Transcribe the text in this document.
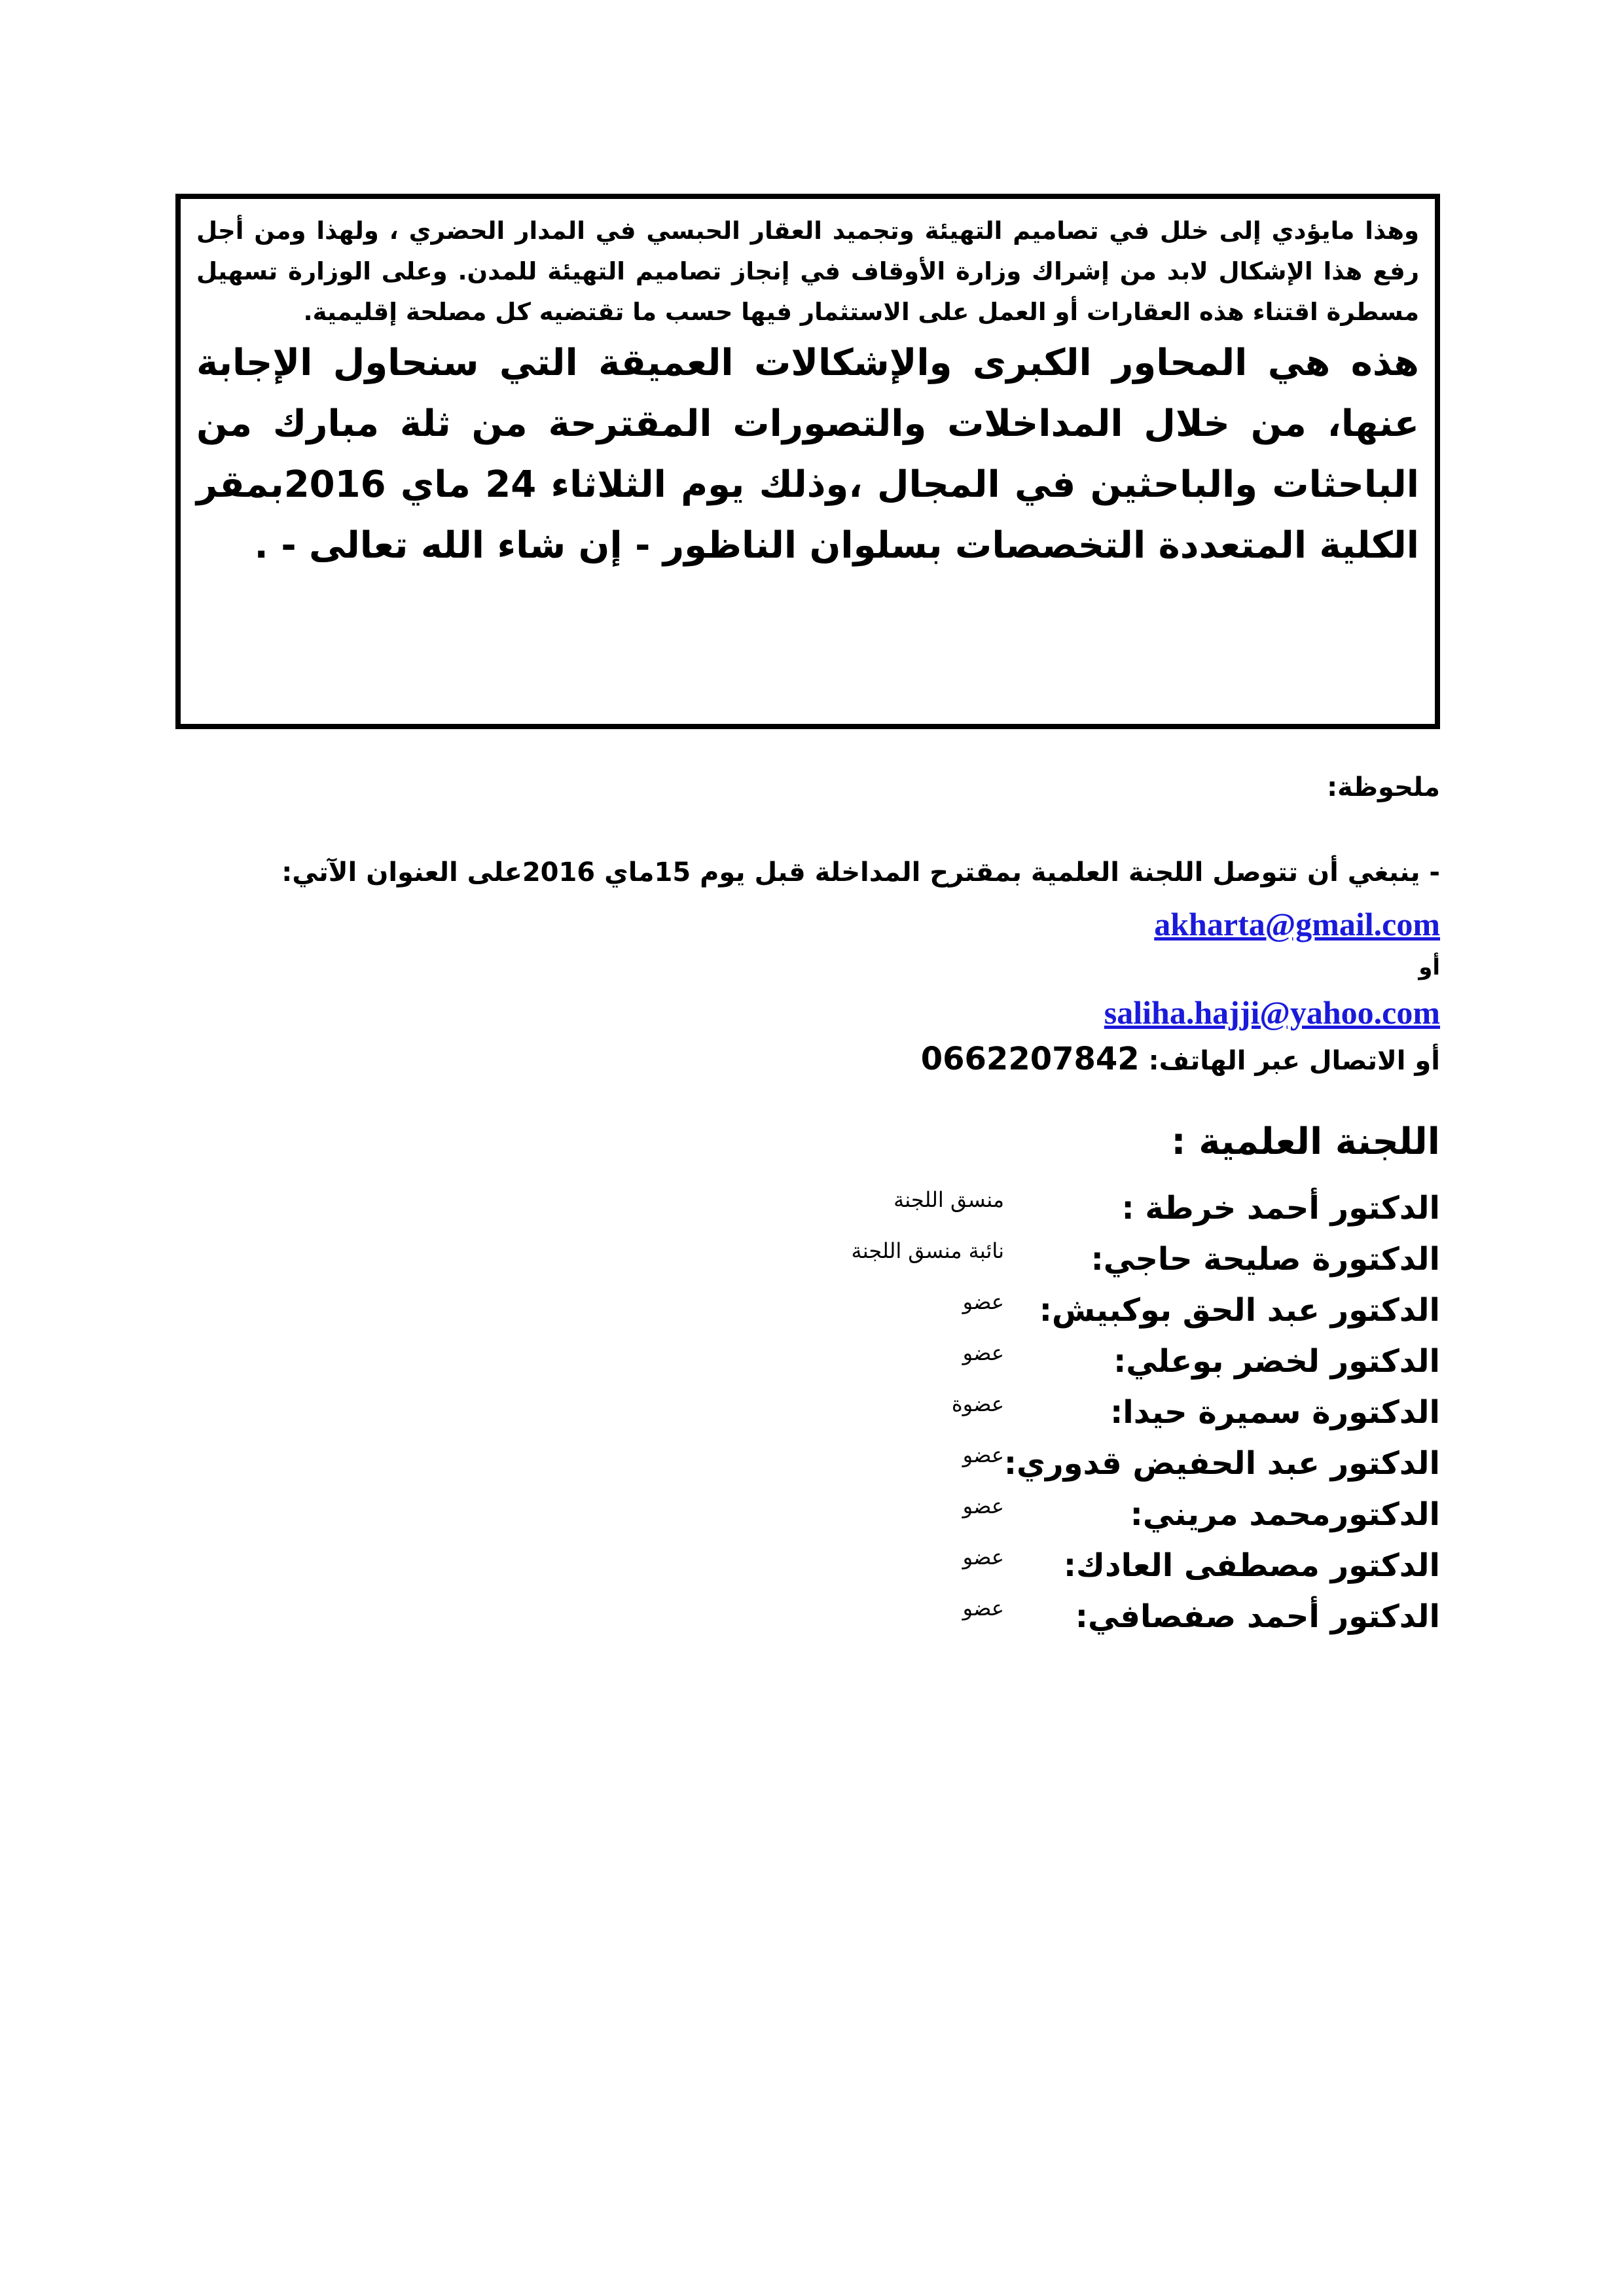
وهذا مايؤدي إلى خلل في تصاميم التهيئة وتجميد العقار الحبسي في المدار الحضري ، ولهذا ومن أجل رفع هذا الإشكال لابد من إشراك وزارة الأوقاف في إنجاز تصاميم التهيئة للمدن. وعلى الوزارة تسهيل مسطرة اقتناء هذه العقارات أو العمل على الاستثمار فيها حسب ما تقتضيه كل مصلحة إقليمية.

هذه هي المحاور الكبرى والإشكالات العميقة التي سنحاول الإجابة عنها، من خلال المداخلات والتصورات المقترحة من ثلة مبارك من الباحثات والباحثين في المجال ،وذلك يوم الثلاثاء 24 ماي 2016بمقر الكلية المتعددة التخصصات بسلوان الناظور - إن شاء الله تعالى - .

ملحوظة:

- ينبغي أن تتوصل اللجنة العلمية بمقترح المداخلة قبل يوم 15ماي 2016على العنوان الآتي:

akharta@gmail.com

أو

saliha.hajji@yahoo.com

أو الاتصال عبر الهاتف: 0662207842

اللجنة العلمية :

الدكتور أحمد خرطة :
منسق اللجنة
الدكتورة صليحة حاجي:
نائبة منسق اللجنة
الدكتور عبد الحق بوكبيش:
عضو
الدكتور لخضر بوعلي:
عضو
الدكتورة سميرة حيدا:
عضوة
الدكتور عبد الحفيض قدوري:
عضو
الدكتورمحمد مريني:
عضو
الدكتور مصطفى العادك:
عضو
الدكتور أحمد صفصافي:
عضو
